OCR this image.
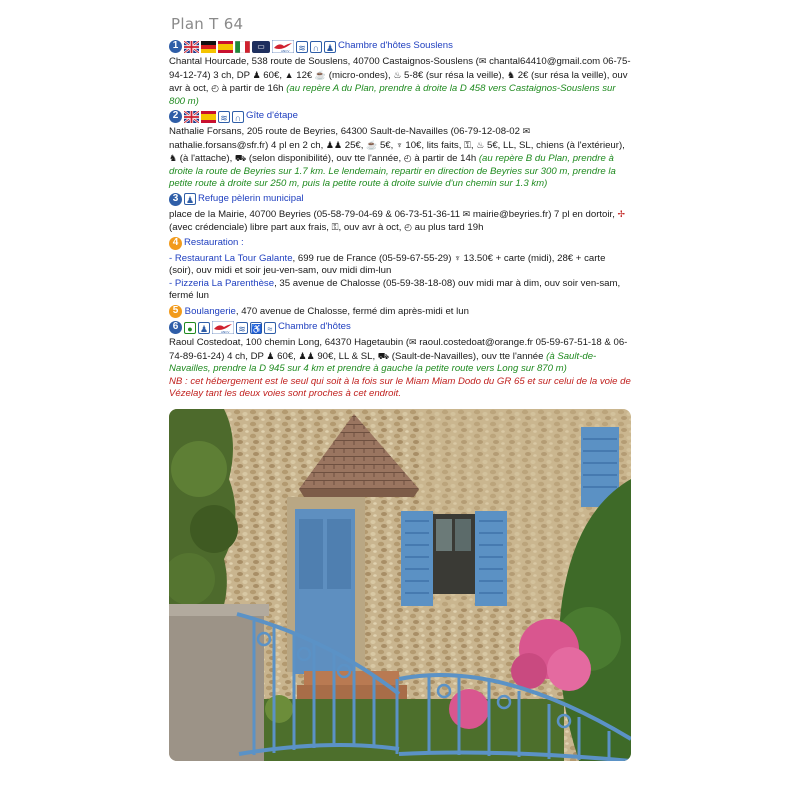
Plan T 64
1	▭
ANCV ≋ ∩ ♟ Chambre d'hôtes Souslens
Chantal Hourcade, 538 route de Souslens, 40700 Castaignos-Souslens (✉ chantal64410@gmail.com 06-75-94-12-74) 3 ch, DP ♟ 60€, ▲ 12€ ☕ (micro-ondes), ♨ 5-8€ (sur résa la veille), ♞ 2€ (sur résa la veille), ouv avr à oct, ◴ à partir de 16h (au repère A du Plan, prendre à droite la D 458 vers Castaignos-Souslens sur 800 m)
2	≋ ∩ Gîte d'étape
Nathalie Forsans, 205 route de Beyries, 64300 Sault-de-Navailles (06-79-12-08-02 ✉ nathalie.forsans@sfr.fr) 4 pl en 2 ch, ♟♟ 25€, ☕ 5€, ♆ 10€, lits faits, ⚿, ♨ 5€, LL, SL, chiens (à l'extérieur), ♞ (à l'attache), ⛟ (selon disponibilité), ouv tte l'année, ◴ à partir de 14h (au repère B du Plan, prendre à droite la route de Beyries sur 1.7 km. Le lendemain, repartir en direction de Beyries sur 300 m, prendre la petite route à droite sur 250 m, puis la petite route à droite suivie d'un chemin sur 1.3 km)
3 ♟ Refuge pèlerin municipal
place de la Mairie, 40700 Beyries (05-58-79-04-69 & 06-73-51-36-11 ✉ mairie@beyries.fr) 7 pl en dortoir, ✢ (avec crédenciale) libre part aux frais, ⚿, ouv avr à oct, ◴ au plus tard 19h
4 Restauration :
- Restaurant La Tour Galante, 699 rue de France (05-59-67-55-29) ♆ 13.50€ + carte (midi), 28€ + carte (soir), ouv midi et soir jeu-ven-sam, ouv midi dim-lun
- Pizzeria La Parenthèse, 35 avenue de Chalosse (05-59-38-18-08) ouv midi mar à dim, ouv soir ven-sam, fermé lun
5 Boulangerie, 470 avenue de Chalosse, fermé dim après-midi et lun
6	● ♟	ANCV ≋ ♿ ≈ Chambre d'hôtes
Raoul Costedoat, 100 chemin Long, 64370 Hagetaubin (✉ raoul.costedoat@orange.fr 05-59-67-51-18 & 06-74-89-61-24) 4 ch, DP ♟ 60€, ♟♟ 90€, LL & SL, ⛟ (Sault-de-Navailles), ouv tte l'année (à Sault-de-Navailles, prendre la D 945 sur 4 km et prendre à gauche la petite route vers Long sur 870 m)
NB : cet hébergement est le seul qui soit à la fois sur le Miam Miam Dodo du GR 65 et sur celui de la voie de Vézelay tant les deux voies sont proches à cet endroit.
